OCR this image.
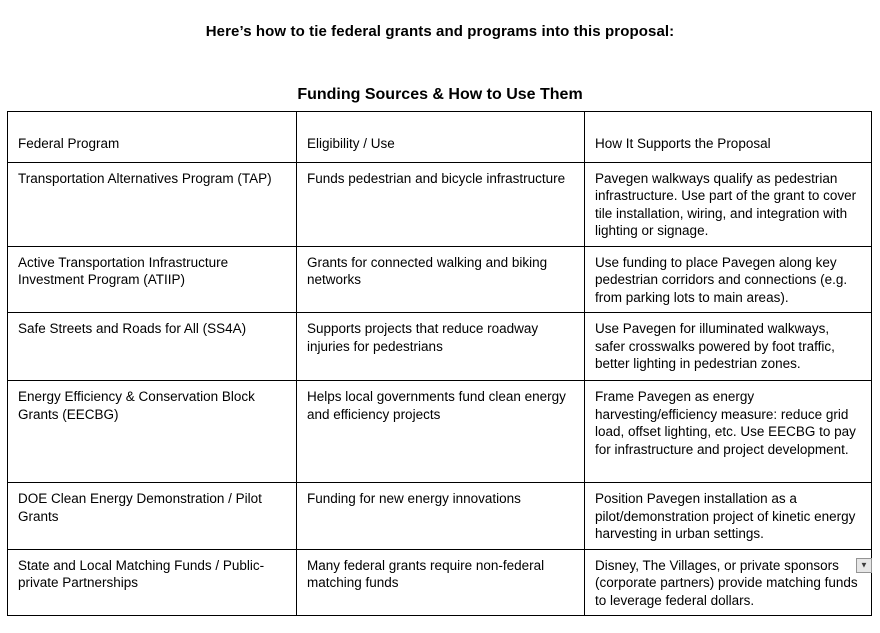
Here’s how to tie federal grants and programs into this proposal:
Funding Sources & How to Use Them
Federal Program	Eligibility / Use	How It Supports the Proposal
Transportation Alternatives Program (TAP)	Funds pedestrian and bicycle infrastructure	Pavegen walkways qualify as pedestrian infrastructure. Use part of the grant to cover tile installation, wiring, and integration with lighting or signage.
Active Transportation Infrastructure Investment Program (ATIIP)	Grants for connected walking and biking networks	Use funding to place Pavegen along key pedestrian corridors and connections (e.g. from parking lots to main areas).
Safe Streets and Roads for All (SS4A)	Supports projects that reduce roadway injuries for pedestrians	Use Pavegen for illuminated walkways, safer crosswalks powered by foot traffic, better lighting in pedestrian zones.
Energy Efficiency & Conservation Block Grants (EECBG)	Helps local governments fund clean energy and efficiency projects	Frame Pavegen as energy harvesting/efficiency measure: reduce grid load, offset lighting, etc. Use EECBG to pay for infrastructure and project development.
DOE Clean Energy Demonstration / Pilot Grants	Funding for new energy innovations	Position Pavegen installation as a pilot/demonstration project of kinetic energy harvesting in urban settings.
State and Local Matching Funds / Public-private Partnerships	Many federal grants require non-federal matching funds	Disney, The Villages, or private sponsors (corporate partners) provide matching funds to leverage federal dollars.
▼
